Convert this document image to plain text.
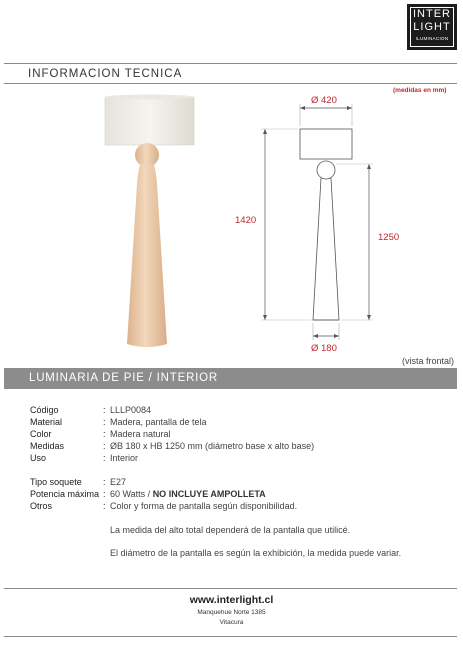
INTER
LIGHT
ILUMINACION
INFORMACION TECNICA
(medidas en mm)
Ø 420
1420
1250
Ø 180
(vista frontal)
LUMINARIA DE PIE / INTERIOR
Código	: LLLP0084
Material	: Madera, pantalla de tela
Color	: Madera natural
Medidas	: ØB 180 x HB 1250 mm (diámetro base x alto base)
Uso	: Interior
Tipo soquete : E27
Potencia máxima : 60 Watts / NO INCLUYE AMPOLLETA
Otros	: Color y forma de pantalla según disponibilidad.
La medida del alto total dependerá de la pantalla que utilicé.
El diámetro de la pantalla es según la exhibición, la medida puede variar.
www.interlight.cl
Manquehue Norte 1385
Vitacura
